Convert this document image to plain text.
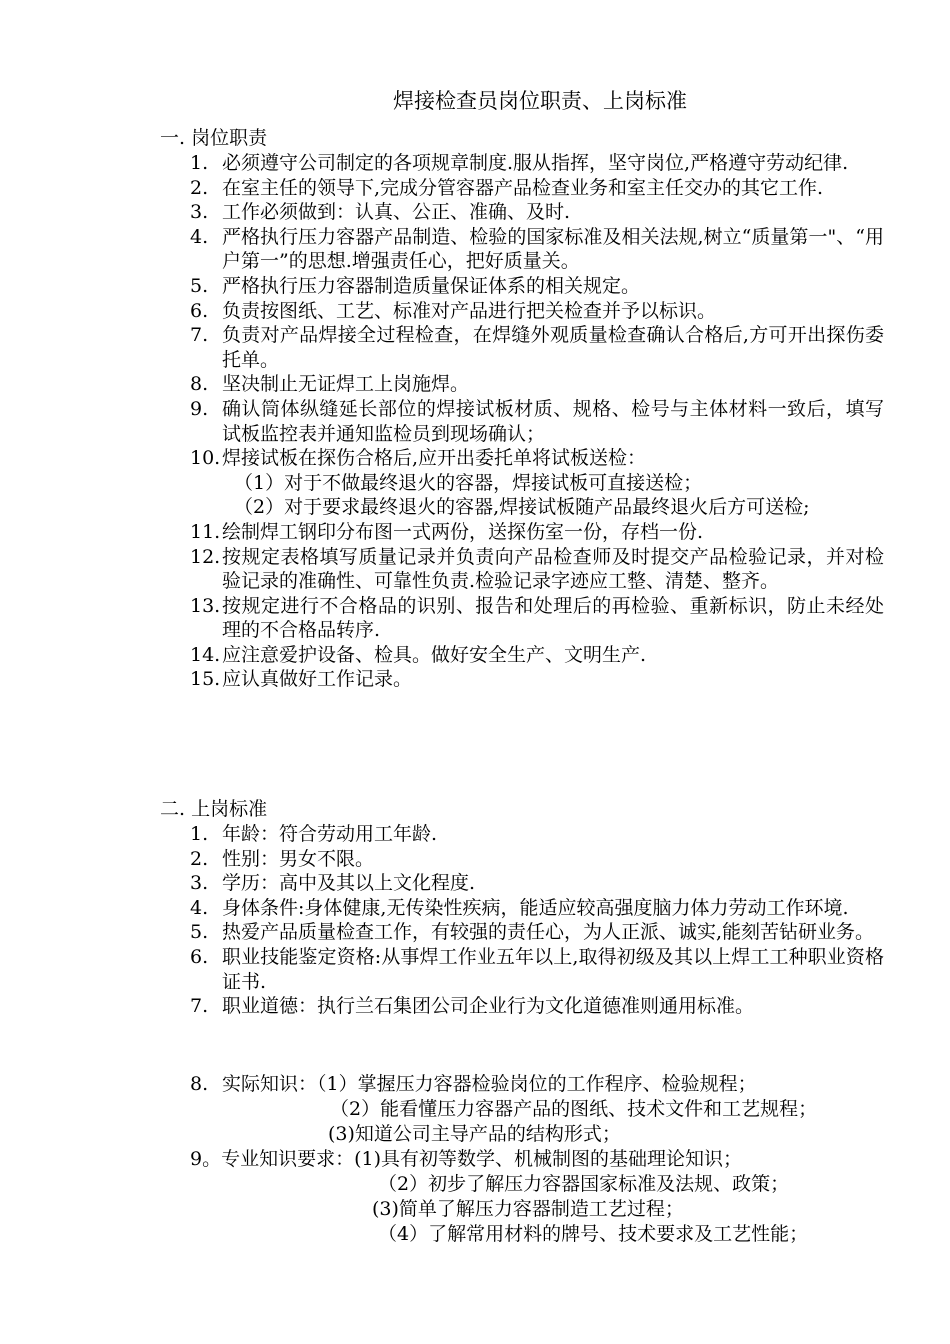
焊接检查员岗位职责、上岗标准
一. 岗位职责
1. 必须遵守公司制定的各项规章制度.服从指挥，坚守岗位,严格遵守劳动纪律.
2. 在室主任的领导下,完成分管容器产品检查业务和室主任交办的其它工作.
3. 工作必须做到：认真、公正、准确、及时.
4. 严格执行压力容器产品制造、检验的国家标准及相关法规,树立“质量第一"、“用户第一”的思想.增强责任心，把好质量关。
5. 严格执行压力容器制造质量保证体系的相关规定。
6. 负责按图纸、工艺、标准对产品进行把关检查并予以标识。
7. 负责对产品焊接全过程检查，在焊缝外观质量检查确认合格后,方可开出探伤委托单。
8. 坚决制止无证焊工上岗施焊。
9. 确认筒体纵缝延长部位的焊接试板材质、规格、检号与主体材料一致后，填写试板监控表并通知监检员到现场确认；
10. 焊接试板在探伤合格后,应开出委托单将试板送检：
（1） 对于不做最终退火的容器，焊接试板可直接送检；
（2） 对于要求最终退火的容器,焊接试板随产品最终退火后方可送检;
11. 绘制焊工钢印分布图一式两份，送探伤室一份，存档一份.
12. 按规定表格填写质量记录并负责向产品检查师及时提交产品检验记录，并对检验记录的准确性、可靠性负责.检验记录字迹应工整、清楚、整齐。
13. 按规定进行不合格品的识别、报告和处理后的再检验、重新标识，防止未经处理的不合格品转序.
14. 应注意爱护设备、检具。做好安全生产、文明生产.
15. 应认真做好工作记录。
二. 上岗标准
1. 年龄：符合劳动用工年龄.
2. 性别：男女不限。
3. 学历：高中及其以上文化程度.
4. 身体条件:身体健康,无传染性疾病，能适应较高强度脑力体力劳动工作环境.
5. 热爱产品质量检查工作，有较强的责任心，为人正派、诚实,能刻苦钻研业务。
6. 职业技能鉴定资格:从事焊工作业五年以上,取得初级及其以上焊工工种职业资格证书.
7. 职业道德：执行兰石集团公司企业行为文化道德准则通用标准。
8. 实际知识：（1）掌握压力容器检验岗位的工作程序、检验规程；
（2）能看懂压力容器产品的图纸、技术文件和工艺规程；
(3)知道公司主导产品的结构形式；
9。专业知识要求：(1)具有初等数学、机械制图的基础理论知识；
（2）初步了解压力容器国家标准及法规、政策；
(3)简单了解压力容器制造工艺过程；
（4）了解常用材料的牌号、技术要求及工艺性能；
